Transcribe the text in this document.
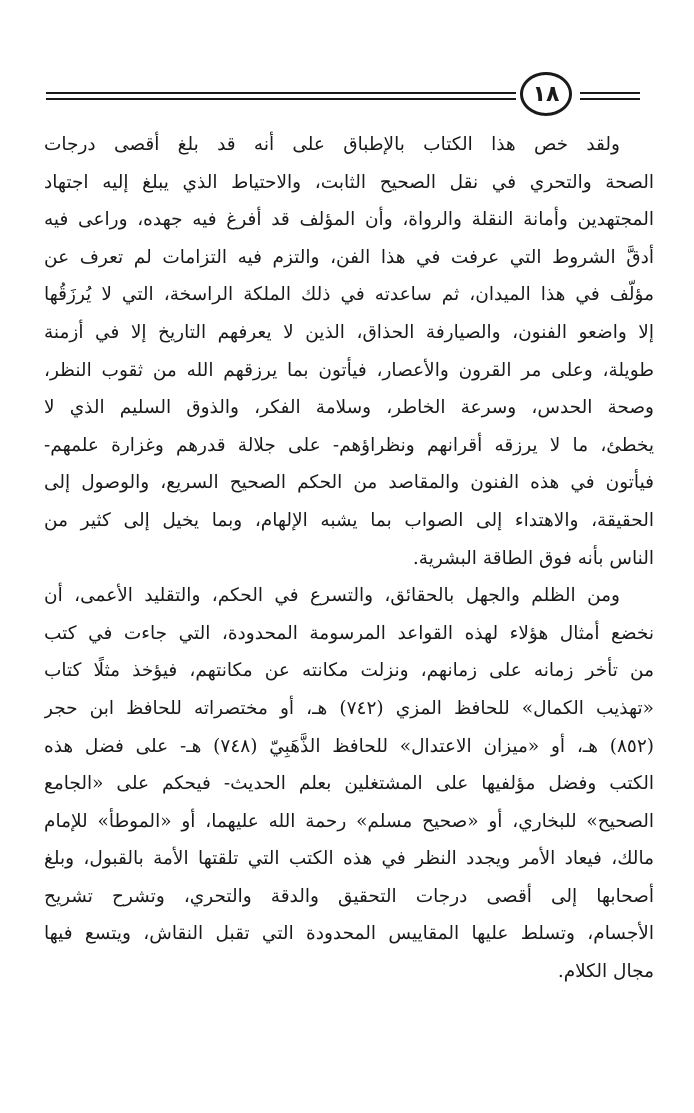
١٨
ولقد خص هذا الكتاب بالإطباق على أنه قد بلغ أقصى درجات
الصحة والتحري في نقل الصحيح الثابت، والاحتياط الذي يبلغ إليه اجتهاد
المجتهدين وأمانة النقلة والرواة، وأن المؤلف قد أفرغ فيه جهده، وراعى فيه
أدقَّ الشروط التي عرفت في هذا الفن، والتزم فيه التزامات لم تعرف عن
مؤلّف في هذا الميدان، ثم ساعدته في ذلك الملكة الراسخة، التي لا يُرزَقُها
إلا واضعو الفنون، والصيارفة الحذاق، الذين لا يعرفهم التاريخ إلا في أزمنة
طويلة، وعلى مر القرون والأعصار، فيأتون بما يرزقهم الله من ثقوب النظر،
وصحة الحدس، وسرعة الخاطر، وسلامة الفكر، والذوق السليم الذي لا
يخطئ، ما لا يرزقه أقرانهم ونظراؤهم- على جلالة قدرهم وغزارة علمهم-
فيأتون في هذه الفنون والمقاصد من الحكم الصحيح السريع، والوصول إلى
الحقيقة، والاهتداء إلى الصواب بما يشبه الإلهام، وبما يخيل إلى كثير من
الناس بأنه فوق الطاقة البشرية.
ومن الظلم والجهل بالحقائق، والتسرع في الحكم، والتقليد الأعمى، أن
نخضع أمثال هؤلاء لهذه القواعد المرسومة المحدودة، التي جاءت في كتب
من تأخر زمانه على زمانهم، ونزلت مكانته عن مكانتهم، فيؤخذ مثلًا كتاب
«تهذيب الكمال» للحافظ المزي (٧٤٢) هـ، أو مختصراته للحافظ ابن حجر
(٨٥٢) هـ، أو «ميزان الاعتدال» للحافظ الذَّهَبِيّ (٧٤٨) هـ- على فضل هذه
الكتب وفضل مؤلفيها على المشتغلين بعلم الحديث- فيحكم على «الجامع
الصحيح» للبخاري، أو «صحيح مسلم» رحمة الله عليهما، أو «الموطأ» للإمام
مالك، فيعاد الأمر ويجدد النظر في هذه الكتب التي تلقتها الأمة بالقبول، وبلغ
أصحابها إلى أقصى درجات التحقيق والدقة والتحري، وتشرح تشريح
الأجسام، وتسلط عليها المقاييس المحدودة التي تقبل النقاش، ويتسع فيها
مجال الكلام.
